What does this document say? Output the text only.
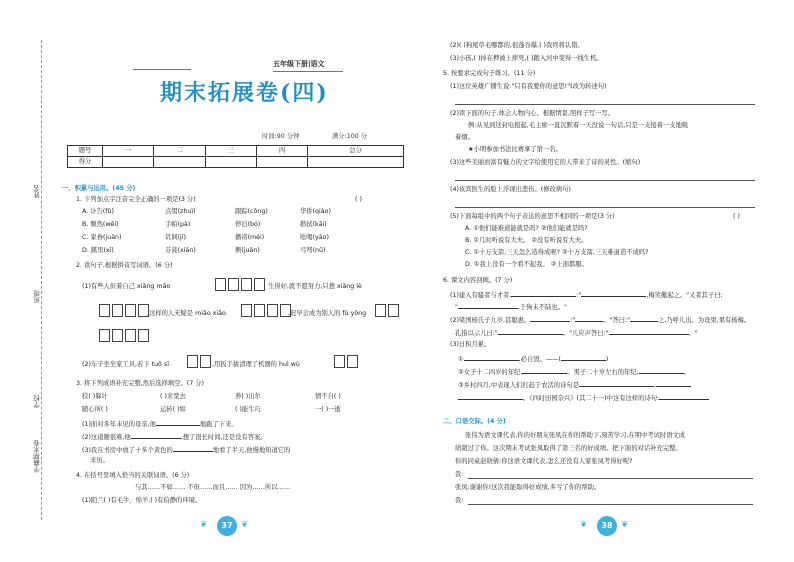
学霸期末卷
学校
班级
姓名
五年级下册|语文
期末拓展卷(四)
时间:90 分钟	满分:100 分
题号	一	二	三	四	总分
得分					
一、积累与运用。(45 分)
1. 下列加点字注音完全正确的一项是(3 分)	( )
A. 讣告(fǔ)	点缀(zhuì)	跟踪(cōng)	华侨(qiáo)
B. 颓然(wěi)	手帕(pà)	停泊(bó)	揩拭(kāi)
C. 家眷(juàn)	讥讽(jī)	播谤(méi)	吆喝(yāo)
D. 蹊里(xī)	芬菠(xiān)	侧(juǎn)	弓弩(nǔ)
2. 读句子,根据拼音写词语。(6 分)
(1)有些人但着自己 xiǎng mǎo	生得好,就不愿努力,只想 xiǎng lè
,这样的人无疑是 miǎo xiǎo	,迟早会成为别人的 fù yōng
(2)车子坐坐家工具,若下 tuō sī	,用扳手拔清理了机器的 huì wù
3. 将下列成语补充完整,然后选择填空。(7 分)
狡( )躲计	( )来宽去	养( )出尔	情不自( )
随心所( )	运转( )如	( )能生巧	一( )一逝
(1)面对多年未见的母亲,他	地跪了下来。
(2)这道题很难,他	,想了很长时间,还是没有答案。
(3)我在书房中放了十多个黄色的	地看了半天,他慢地知道它的
来历。
4. 在括号里填入恰当的关联词语。(6 分)
与其……不如…… 不但……而且…… 因为……所以……
(1)陌兰( )有毛牛、绵羊,( )有伯静的环境。
❦	37 ❦
(2)( )狗尾草毛哪都的,很蓬谷爆,( )我终将认错。
(3)小孩,( )掉在押被上摔死,( )跑入河中变得一线生机。
5. 按要求完成句子练习。(11 分)
(1)这位英雄广播生说:"只有我要你的意思!"(改为转述句)
(2)读下面的句子,体会人物内心。根据情景,照样子写一写。
例:从见到这封电报起,毛主席一直沉默着一天没说一句话,只是一支接着一支地吸
着烟。
★小明参加书法比赛拿了第一名。
(3)这些美丽而富有魅力的文字给使用它的人带来了诗的灵性。(缩句)
(4)该宾医生的脸上浮现出悲伤。(修改病句)
(5)下面每组中的两个句子表达的意思不相同的一项是(3 分)	( )
A. ①他们能难道能就是吗? ②他们能就是吗?
B. ①几时听说有大夫。 ②没有听说有大夫。
C. ①十万支箭,三天怎么造得成呢? ②十万支箭,三天难道造不成吗?
D. ①我上没有一个看不起我。 ②上面都服。
6. 课文内容回顾。(7 分)
(1)建入有骚者与才者,	:"	,梅笑撤起之。"又者其子曰:
"	,于狗未不陆也。"
(2)梁国杨氏子九岁,甚聪惠。	:"	。"答曰:"	之,乃呼儿出。为设果,果有杨梅。
孔指以示儿曰:"	。"儿应声答曰:"	。"
(3)日积月累。
①	,必自毁。——(	)
②女子十二四岁的年纪,	。男子二十岁左右的年纪,	。
③乡村四月,中表现人们打赶于农活的诗句是	,
。《四时田园杂兴》(其二十一)中这有这样的诗句:
二、口语交际。(4 分)
张伟为语文课代表,你的好朋友张凤在你的帮助下,刻苦学习,在期中考试时语文成
绩超过了你。这次期末考试张凤取得了第三名的好成绩。把下面的对话补充完整。
你的同桌赵晓倩:你这语文课代表,怎么还没有人家张凤考得好呢?
我:
张凤:谢谢你!这次我能取得好成绩,多亏了你的帮助。
我:
❦	38 ❦
